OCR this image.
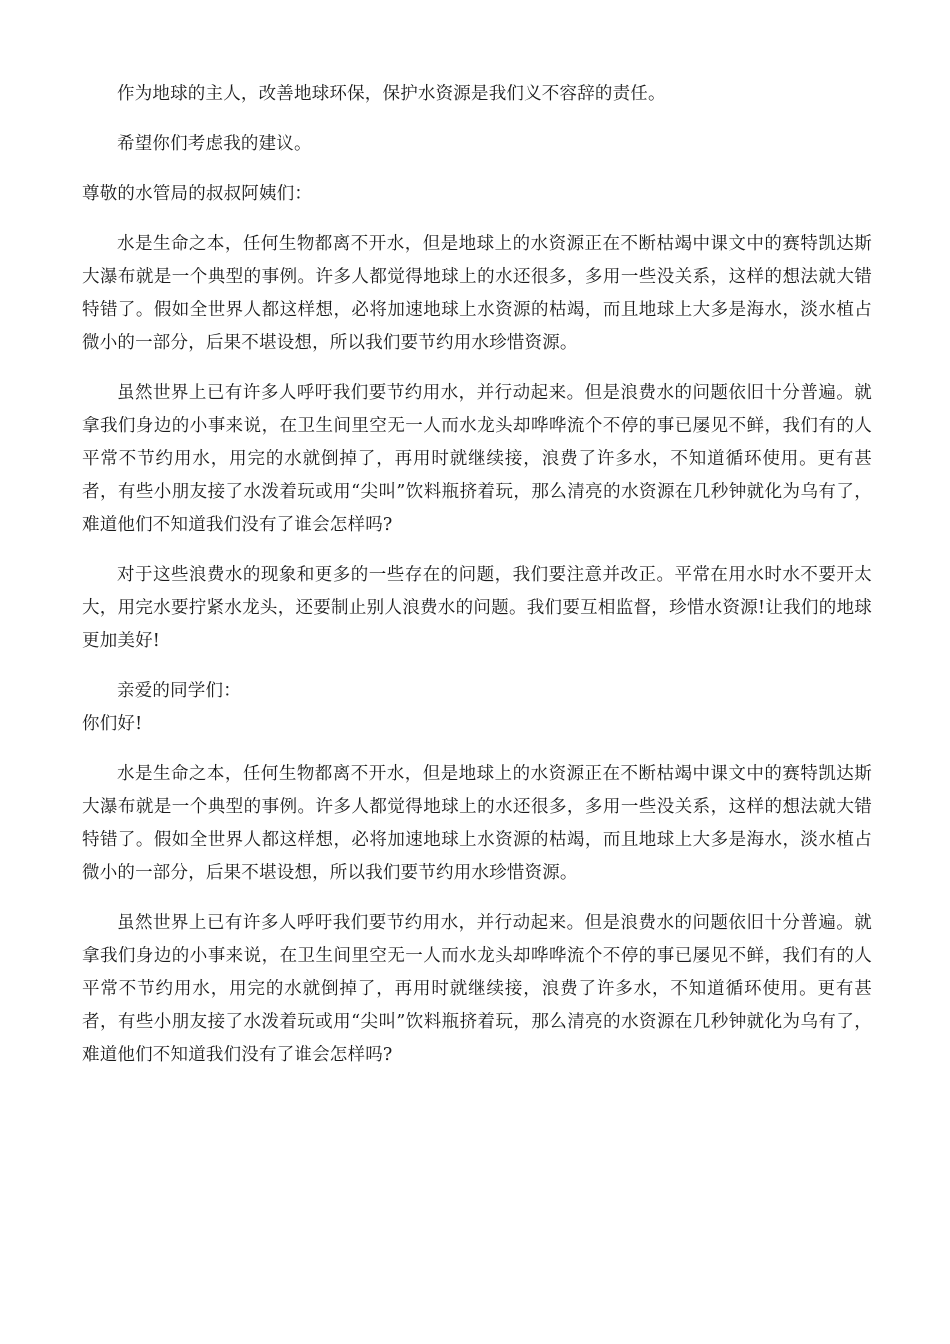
作为地球的主人，改善地球环保，保护水资源是我们义不容辞的责任。

希望你们考虑我的建议。

尊敬的水管局的叔叔阿姨们：

水是生命之本，任何生物都离不开水，但是地球上的水资源正在不断枯竭中课文中的赛特凯达斯大瀑布就是一个典型的事例。许多人都觉得地球上的水还很多，多用一些没关系，这样的想法就大错特错了。假如全世界人都这样想，必将加速地球上水资源的枯竭，而且地球上大多是海水，淡水植占微小的一部分，后果不堪设想，所以我们要节约用水珍惜资源。

虽然世界上已有许多人呼吁我们要节约用水，并行动起来。但是浪费水的问题依旧十分普遍。就拿我们身边的小事来说，在卫生间里空无一人而水龙头却哗哗流个不停的事已屡见不鲜，我们有的人平常不节约用水，用完的水就倒掉了，再用时就继续接，浪费了许多水，不知道循环使用。更有甚者，有些小朋友接了水泼着玩或用“尖叫”饮料瓶挤着玩，那么清亮的水资源在几秒钟就化为乌有了，难道他们不知道我们没有了谁会怎样吗?

对于这些浪费水的现象和更多的一些存在的问题，我们要注意并改正。平常在用水时水不要开太大，用完水要拧紧水龙头，还要制止别人浪费水的问题。我们要互相监督，珍惜水资源!让我们的地球更加美好!

亲爱的同学们：

你们好!

水是生命之本，任何生物都离不开水，但是地球上的水资源正在不断枯竭中课文中的赛特凯达斯大瀑布就是一个典型的事例。许多人都觉得地球上的水还很多，多用一些没关系，这样的想法就大错特错了。假如全世界人都这样想，必将加速地球上水资源的枯竭，而且地球上大多是海水，淡水植占微小的一部分，后果不堪设想，所以我们要节约用水珍惜资源。

虽然世界上已有许多人呼吁我们要节约用水，并行动起来。但是浪费水的问题依旧十分普遍。就拿我们身边的小事来说，在卫生间里空无一人而水龙头却哗哗流个不停的事已屡见不鲜，我们有的人平常不节约用水，用完的水就倒掉了，再用时就继续接，浪费了许多水，不知道循环使用。更有甚者，有些小朋友接了水泼着玩或用“尖叫”饮料瓶挤着玩，那么清亮的水资源在几秒钟就化为乌有了，难道他们不知道我们没有了谁会怎样吗?
